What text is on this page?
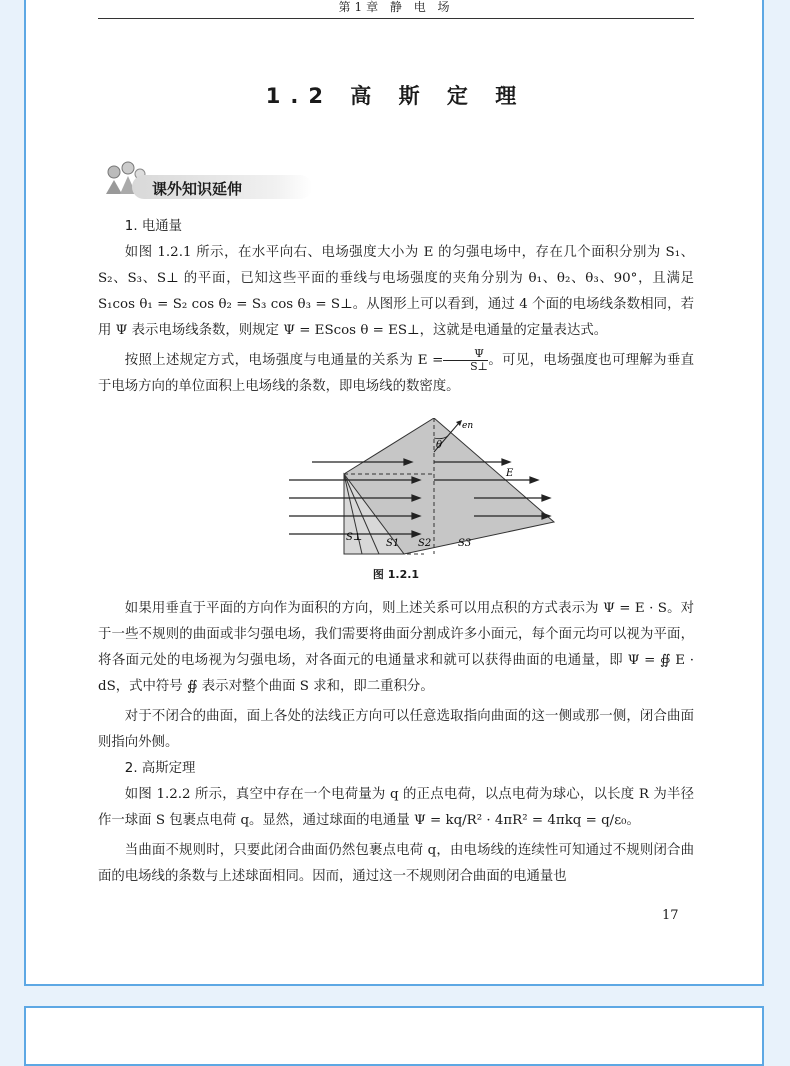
第1章 静 电 场
1.2 高 斯 定 理
课外知识延伸

1. 电通量

如图 1.2.1 所示，在水平向右、电场强度大小为 E 的匀强电场中，存在几个面积分别为 S₁、S₂、S₃、S⊥ 的平面，已知这些平面的垂线与电场强度的夹角分别为 θ₁、θ₂、θ₃、90°，且满足 S₁cos θ₁ = S₂ cos θ₂ = S₃ cos θ₃ = S⊥。从图形上可以看到，通过 4 个面的电场线条数相同，若用 Ψ 表示电场线条数，则规定 Ψ = EScos θ = ES⊥，这就是电通量的定量表达式。

按照上述规定方式，电场强度与电通量的关系为 $E = \frac{\Psi}{S\perp}$ 。可见，电场强度也可理解为垂直于电场方向的单位面积上电场线的条数，即电场线的数密度。

en
θ
E
S⊥
S1 S2	S3
图 1.2.1

如果用垂直于平面的方向作为面积的方向，则上述关系可以用点积的方式表示为 Ψ = E · S。对于一些不规则的曲面或非匀强电场，我们需要将曲面分割成许多小面元，每个面元均可以视为平面，将各面元处的电场视为匀强电场，对各面元的电通量求和就可以获得曲面的电通量，即 Ψ = ∯ E · dS，式中符号 ∯ 表示对整个曲面 S 求和，即二重积分。

对于不闭合的曲面，面上各处的法线正方向可以任意选取指向曲面的这一侧或那一侧，闭合曲面则指向外侧。

2. 高斯定理

如图 1.2.2 所示，真空中存在一个电荷量为 q 的正点电荷，以点电荷为球心，以长度 R 为半径作一球面 S 包裹点电荷 q。显然，通过球面的电通量 Ψ = kq/R² · 4πR² = 4πkq = q/ε₀。

当曲面不规则时，只要此闭合曲面仍然包裹点电荷 q，由电场线的连续性可知通过不规则闭合曲面的电场线的条数与上述球面相同。因而，通过这一不规则闭合曲面的电通量也

17
